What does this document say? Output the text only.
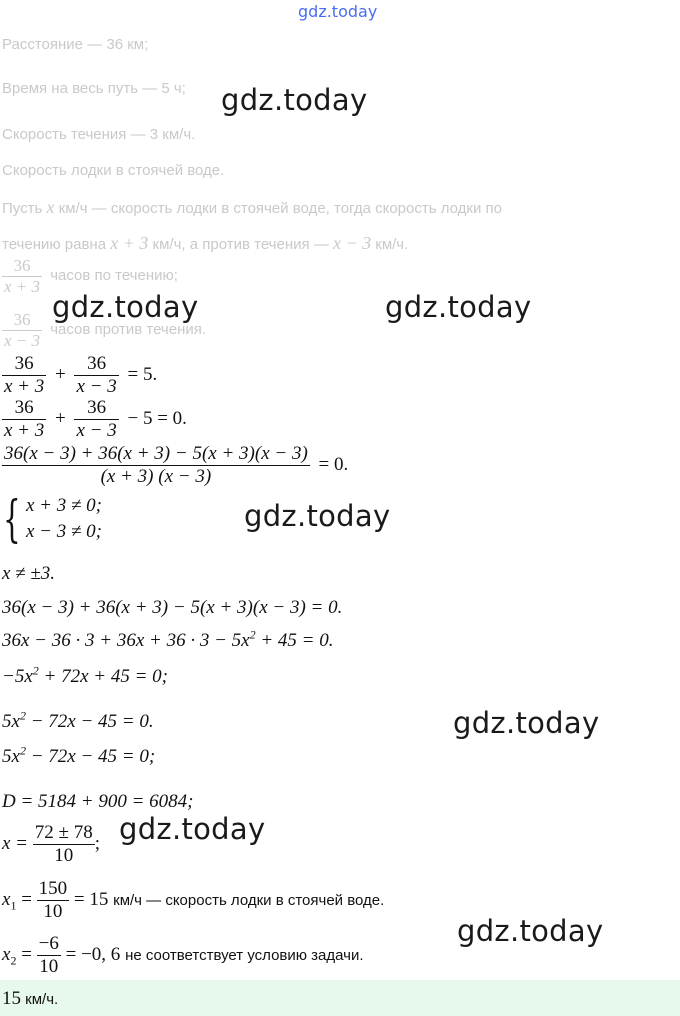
gdz.today
Расстояние — 36 км;
Время на весь путь — 5 ч;
Скорость течения — 3 км/ч.
Скорость лодки в стоячей воде.
Пусть x км/ч — скорость лодки в стоячей воде, тогда скорость лодки по
течению равна x + 3 км/ч, а против течения — x − 3 км/ч.
$\frac{36}{x + 3}$ часов по течению;
$\frac{36}{x - 3}$ часов против течения.
$\frac{36}{x + 3} + \frac{36}{x - 3} = 5$.
$\frac{36}{x + 3} + \frac{36}{x - 3} - 5 = 0$.
$\frac{36(x - 3) + 36(x + 3) - 5(x + 3)(x - 3)}{(x + 3) (x - 3)} = 0$.
{ x + 3 ≠ 0;
x − 3 ≠ 0;
x ≠ ±3.
36(x − 3) + 36(x + 3) − 5(x + 3)(x − 3) = 0.
$36x - 36 \cdot 3 + 36x + 36 \cdot 3 - 5x^2 + 45 = 0$.
$-5x^2 + 72x + 45 = 0$;
$5x^2 - 72x - 45 = 0$.
$5x^2 - 72x - 45 = 0$;
D = 5184 + 900 = 6084;
$x = \frac{72 \pm 78}{10}$ ;
$x_1 = \frac{150}{10} = 15$ км/ч — скорость лодки в стоячей воде.
$x_2 = \frac{-6}{10} = -0$, 6 не соответствует условию задачи.
15 км/ч.
gdz.today
gdz.today	gdz.today
gdz.today
gdz.today
gdz.today
gdz.today
